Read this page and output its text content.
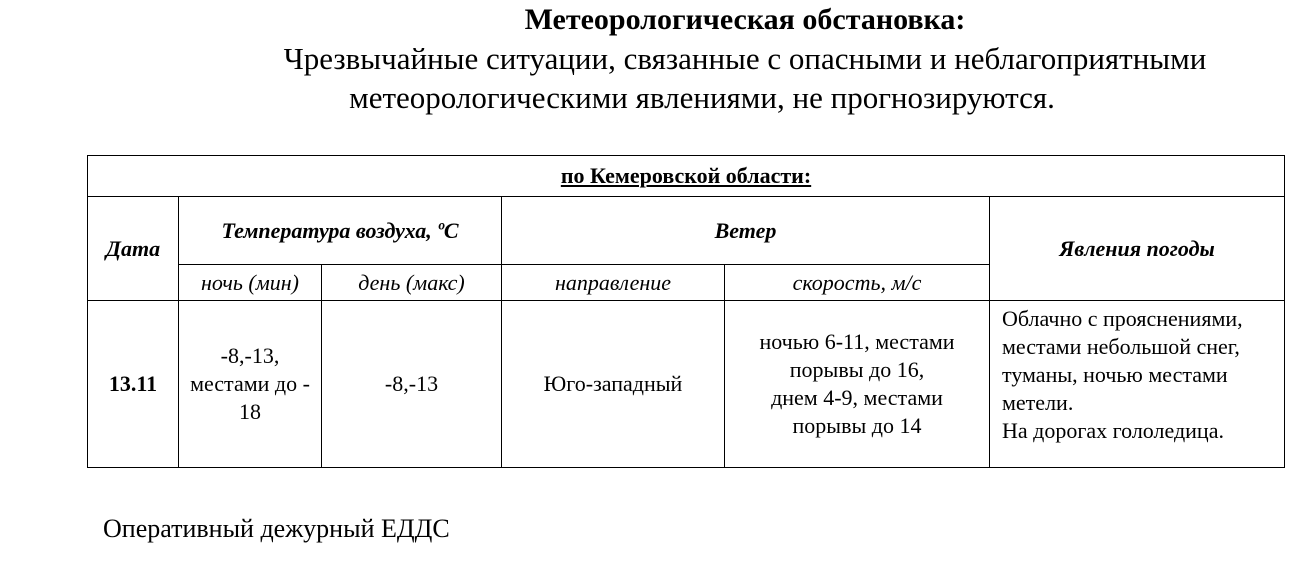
Метеорологическая обстановка:
Чрезвычайные ситуации, связанные с опасными и неблагоприятными
метеорологическими явлениями, не прогнозируются.
по Кемеровской области:					
Дата	Температура воздуха, ºС		Ветер		Явления погоды
	ночь (мин)	день (макс)	направление	скорость, м/с	
13.11	-8,-13,
местами до -
18	-8,-13	Юго-западный	ночью 6-11, местами
порывы до 16,
днем 4-9, местами
порывы до 14	Облачно с прояснениями,
местами небольшой снег,
туманы, ночью местами
метели.
На дорогах гололедица.
Оперативный дежурный ЕДДС
